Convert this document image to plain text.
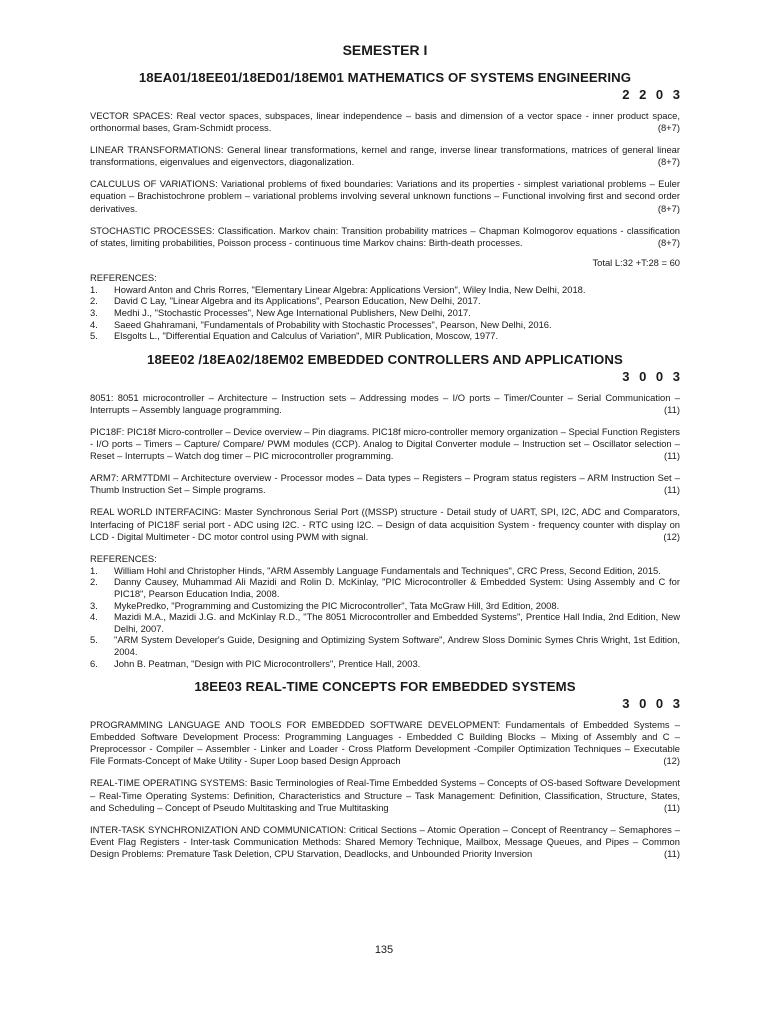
SEMESTER I
18EA01/18EE01/18ED01/18EM01 MATHEMATICS OF SYSTEMS ENGINEERING
2 2 0 3
VECTOR SPACES: Real vector spaces, subspaces, linear independence – basis and dimension of a vector space - inner product space, orthonormal bases, Gram-Schmidt process.	(8+7)
LINEAR TRANSFORMATIONS: General linear transformations, kernel and range, inverse linear transformations, matrices of general linear transformations, eigenvalues and eigenvectors, diagonalization.	(8+7)
CALCULUS OF VARIATIONS: Variational problems of fixed boundaries: Variations and its properties - simplest variational problems – Euler equation – Brachistochrone problem – variational problems involving several unknown functions – Functional involving first and second order derivatives.	(8+7)
STOCHASTIC PROCESSES: Classification. Markov chain: Transition probability matrices – Chapman Kolmogorov equations - classification of states, limiting probabilities, Poisson process - continuous time Markov chains: Birth-death processes.	(8+7)
Total L:32 +T:28 = 60
REFERENCES:
1.	Howard Anton and Chris Rorres, "Elementary Linear Algebra: Applications Version", Wiley India, New Delhi, 2018.
2.	David C Lay, "Linear Algebra and its Applications", Pearson Education, New Delhi, 2017.
3.	Medhi J., "Stochastic Processes", New Age International Publishers, New Delhi, 2017.
4.	Saeed Ghahramani, "Fundamentals of Probability with Stochastic Processes", Pearson, New Delhi, 2016.
5.	Elsgolts L., "Differential Equation and Calculus of Variation", MIR Publication, Moscow, 1977.
18EE02 /18EA02/18EM02 EMBEDDED CONTROLLERS AND APPLICATIONS
3 0 0 3
8051: 8051 microcontroller – Architecture – Instruction sets – Addressing modes – I/O ports – Timer/Counter – Serial Communication – Interrupts – Assembly language programming.	(11)
PIC18F: PIC18f Micro-controller – Device overview – Pin diagrams. PIC18f micro-controller memory organization – Special Function Registers - I/O ports – Timers – Capture/ Compare/ PWM modules (CCP). Analog to Digital Converter module – Instruction set – Oscillator selection – Reset – Interrupts – Watch dog timer – PIC microcontroller programming.	(11)
ARM7: ARM7TDMI – Architecture overview - Processor modes – Data types – Registers – Program status registers – ARM Instruction Set – Thumb Instruction Set – Simple programs.	(11)
REAL WORLD INTERFACING: Master Synchronous Serial Port ((MSSP) structure - Detail study of UART, SPI, I2C, ADC and Comparators, Interfacing of PIC18F serial port - ADC using I2C. - RTC using I2C. – Design of data acquisition System - frequency counter with display on LCD - Digital Multimeter - DC motor control using PWM with signal.	(12)
REFERENCES:
1.	William Hohl and Christopher Hinds, "ARM Assembly Language Fundamentals and Techniques", CRC Press, Second Edition, 2015.
2.	Danny Causey, Muhammad Ali Mazidi and Rolin D. McKinlay, "PIC Microcontroller & Embedded System: Using Assembly and C for PIC18", Pearson Education India, 2008.
3.	MykePredko, "Programming and Customizing the PIC Microcontroller", Tata McGraw Hill, 3rd Edition, 2008.
4.	Mazidi M.A., Mazidi J.G. and McKinlay R.D., "The 8051 Microcontroller and Embedded Systems", Prentice Hall India, 2nd Edition, New Delhi, 2007.
5.	"ARM System Developer's Guide, Designing and Optimizing System Software", Andrew Sloss Dominic Symes Chris Wright, 1st Edition, 2004.
6.	John B. Peatman, "Design with PIC Microcontrollers", Prentice Hall, 2003.
18EE03 REAL-TIME CONCEPTS FOR EMBEDDED SYSTEMS
3 0 0 3
PROGRAMMING LANGUAGE AND TOOLS FOR EMBEDDED SOFTWARE DEVELOPMENT: Fundamentals of Embedded Systems – Embedded Software Development Process: Programming Languages - Embedded C Building Blocks – Mixing of Assembly and C – Preprocessor - Compiler – Assembler - Linker and Loader - Cross Platform Development -Compiler Optimization Techniques – Executable File Formats-Concept of Make Utility - Super Loop based Design Approach	(12)
REAL-TIME OPERATING SYSTEMS: Basic Terminologies of Real-Time Embedded Systems – Concepts of OS-based Software Development – Real-Time Operating Systems: Definition, Characteristics and Structure – Task Management: Definition, Classification, Structure, States, and Scheduling – Concept of Pseudo Multitasking and True Multitasking	(11)
INTER-TASK SYNCHRONIZATION AND COMMUNICATION: Critical Sections – Atomic Operation – Concept of Reentrancy – Semaphores – Event Flag Registers - Inter-task Communication Methods: Shared Memory Technique, Mailbox, Message Queues, and Pipes – Common Design Problems: Premature Task Deletion, CPU Starvation, Deadlocks, and Unbounded Priority Inversion	(11)
135
